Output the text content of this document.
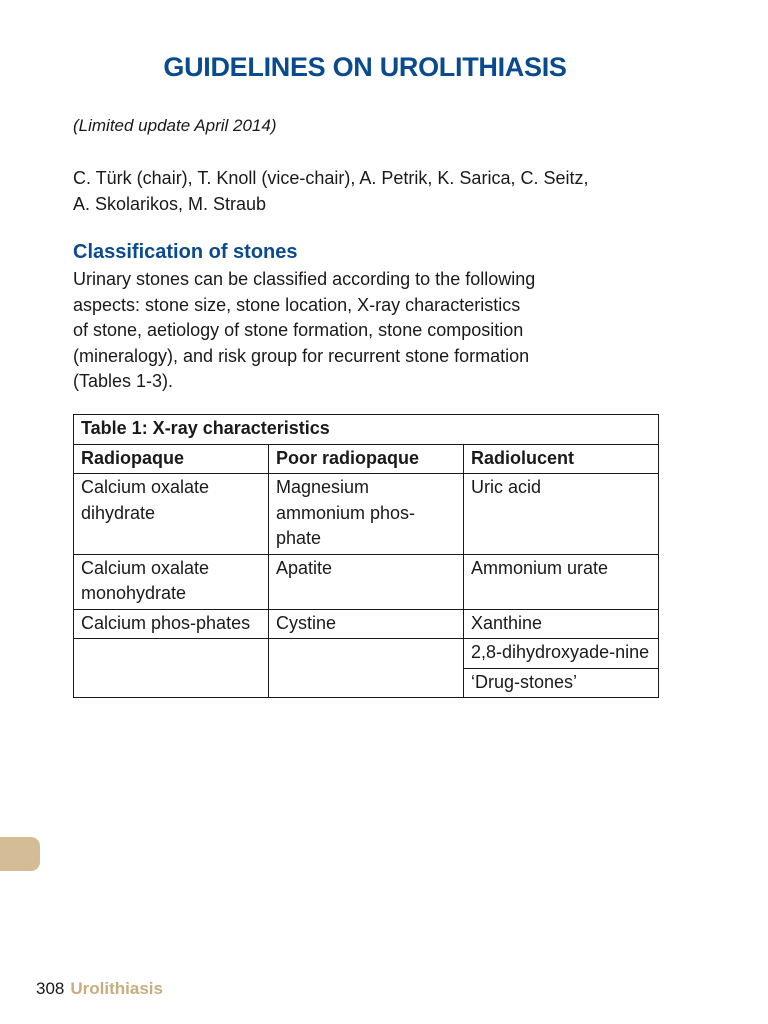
GUIDELINES ON UROLITHIASIS
(Limited update April 2014)
C. Türk (chair), T. Knoll (vice-chair), A. Petrik, K. Sarica, C. Seitz,
A. Skolarikos, M. Straub
Classification of stones
Urinary stones can be classified according to the following
aspects: stone size, stone location, X-ray characteristics
of stone, aetiology of stone formation, stone composition
(mineralogy), and risk group for recurrent stone formation
(Tables 1-3).
Table 1: X-ray characteristics		
Radiopaque	Poor radiopaque	Radiolucent
Calcium oxalate dihydrate	Magnesium ammonium phos-phate	Uric acid
Calcium oxalate monohydrate	Apatite	Ammonium urate
Calcium phos-phates	Cystine	Xanthine
		2,8-dihydroxyade-nine
		‘Drug-stones’
308 Urolithiasis
